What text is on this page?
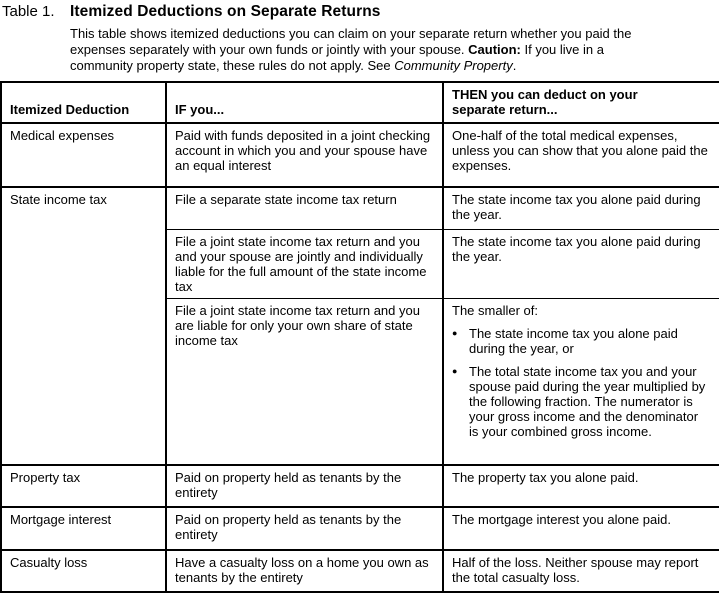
Table 1. Itemized Deductions on Separate Returns

This table shows itemized deductions you can claim on your separate return whether you paid the expenses separately with your own funds or jointly with your spouse. Caution: If you live in a community property state, these rules do not apply. See Community Property.

Itemized Deduction	IF you...	THEN you can deduct on your separate return...

Medical expenses	Paid with funds deposited in a joint checking account in which you and your spouse have an equal interest	One-half of the total medical expenses, unless you can show that you alone paid the expenses.
State income tax	File a separate state income tax return	The state income tax you alone paid during the year.
	File a joint state income tax return and you and your spouse are jointly and individually liable for the full amount of the state income tax	The state income tax you alone paid during the year.
	File a joint state income tax return and you are liable for only your own share of state income tax	The smaller of:
● The state income tax you alone paid during the year, or
● The total state income tax you and your spouse paid during the year multiplied by the following fraction. The numerator is your gross income and the denominator is your combined gross income.

Property tax	Paid on property held as tenants by the entirety	The property tax you alone paid.
Mortgage interest	Paid on property held as tenants by the entirety	The mortgage interest you alone paid.
Casualty loss	Have a casualty loss on a home you own as tenants by the entirety	Half of the loss. Neither spouse may report the total casualty loss.
